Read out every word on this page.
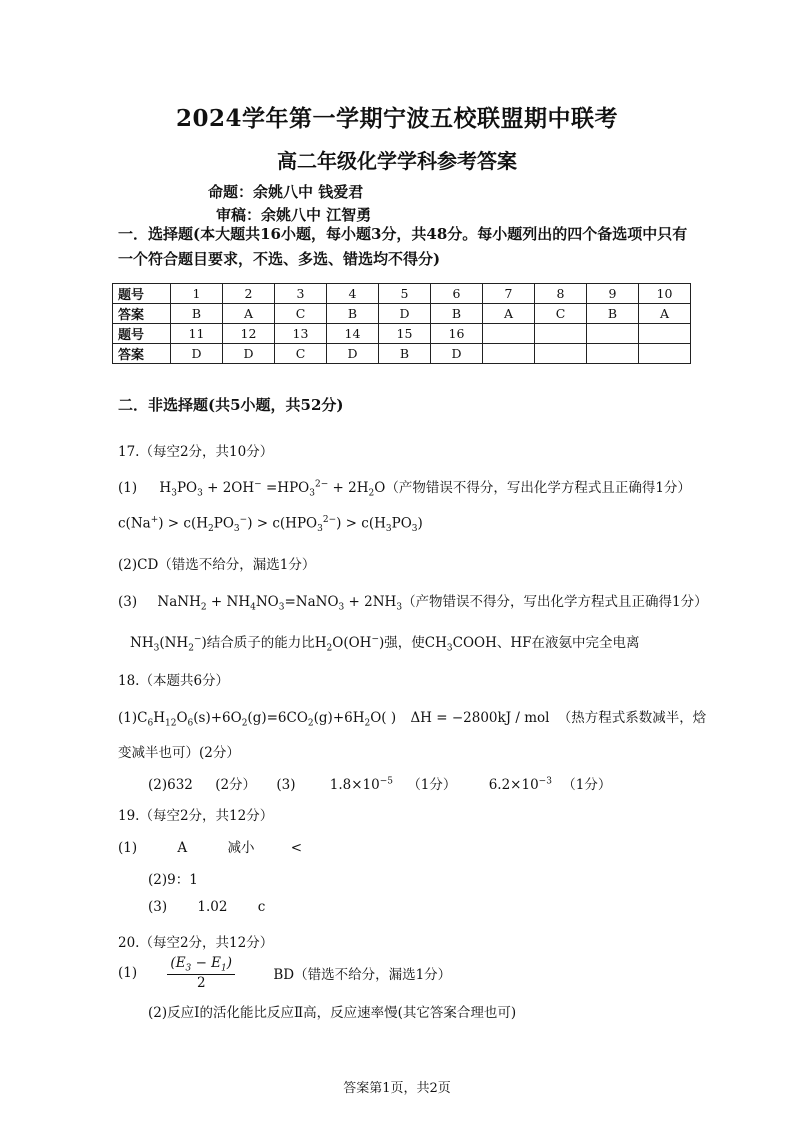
2024学年第一学期宁波五校联盟期中联考
高二年级化学学科参考答案
命题：余姚八中 钱爱君
审稿：余姚八中 江智勇
一．选择题(本大题共16小题，每小题3分，共48分。每小题列出的四个备选项中只有一个符合题目要求，不选、多选、错选均不得分)
题号	1	2	3	4	5	6	7	8	9	10
答案	B	A	C	B	D	B	A	C	B	A
题号	11	12	13	14	15	16				
答案	D	D	C	D	B	D				
二．非选择题(共5小题，共52分)
17.（每空2分，共10分）
(1) $H_3PO_3 + 2OH^- =HPO_3^{2-} + 2H_2O$（产物错误不得分，写出化学方程式且正确得1分）
$c(Na^+) > c(H_2PO_3^-) > c(HPO_3^{2-}) > c(H_3PO_3)$
(2)CD（错选不给分，漏选1分）
(3) NaNH$_2$ + $NH_4NO_3=NaNO_3 + 2NH_3$（产物错误不得分，写出化学方程式且正确得1分）
$NH_3(NH_2^-)$结合质子的能力比$H_2O(OH^-)$强，使$CH_3COOH$、HF在液氨中完全电离
18.（本题共6分）
$(1)C_6H_{12}O_6(s)+6O_2(g)=6CO_2(g)+6H_2O$( ) ΔH = −2800kJ / mol （热方程式系数减半，焓
变减半也可）(2分）
(2)632 (2分） (3)	$1.8\times 10^{-5}$ （1分） $6.2\times 10^{-3}$ （1分）
19.（每空2分，共12分）
(1)	A	减小	<
(2)9：1
(3) 1.02 c
20.（每空2分，共12分）
$(1) \frac{(E_3 - E_1)}{2}$	BD（错选不给分，漏选1分）
(2)反应Ⅰ的活化能比反应Ⅱ高，反应速率慢(其它答案合理也可)
答案第1页，共2页
